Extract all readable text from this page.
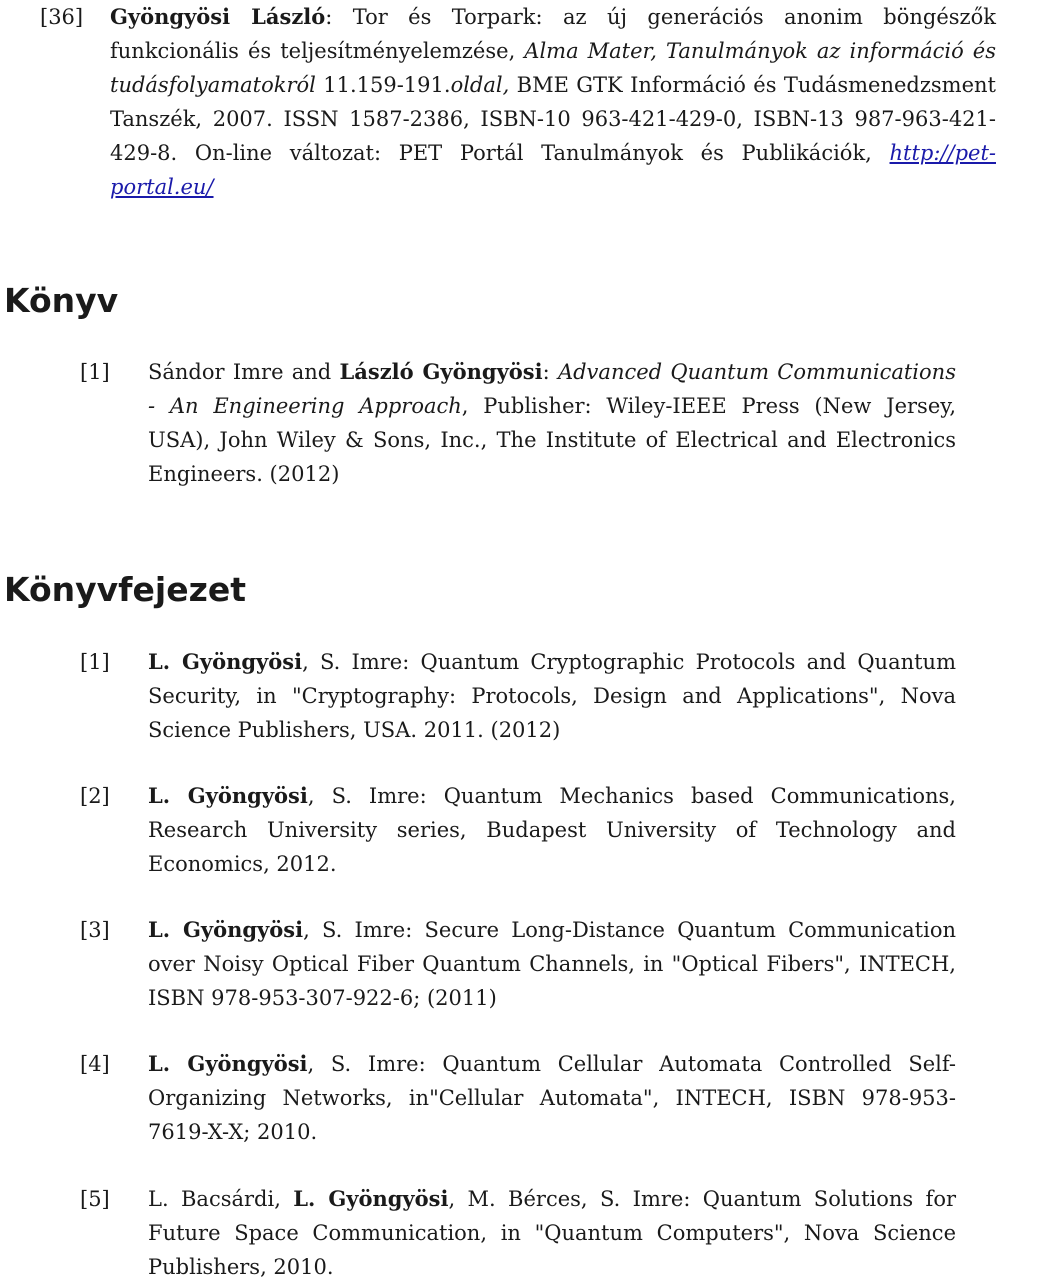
[36] Gyöngyösi László: Tor és Torpark: az új generációs anonim böngészők funkcionális és teljesítményelemzése, Alma Mater, Tanulmányok az információ és tudásfolyamatokról 11.159-191.oldal, BME GTK Információ és Tudásmenedzsment Tanszék, 2007. ISSN 1587-2386, ISBN-10 963-421-429-0, ISBN-13 987-963-421-429-8. On-line változat: PET Portál Tanulmányok és Publikációk, http://pet-portal.eu/
Könyv
[1] Sándor Imre and László Gyöngyösi: Advanced Quantum Communications - An Engineering Approach, Publisher: Wiley-IEEE Press (New Jersey, USA), John Wiley & Sons, Inc., The Institute of Electrical and Electronics Engineers. (2012)
Könyvfejezet
[1] L. Gyöngyösi, S. Imre: Quantum Cryptographic Protocols and Quantum Security, in "Cryptography: Protocols, Design and Applications", Nova Science Publishers, USA. 2011. (2012)
[2] L. Gyöngyösi, S. Imre: Quantum Mechanics based Communications, Research University series, Budapest University of Technology and Economics, 2012.
[3] L. Gyöngyösi, S. Imre: Secure Long-Distance Quantum Communication over Noisy Optical Fiber Quantum Channels, in "Optical Fibers", INTECH, ISBN 978-953-307-922-6; (2011)
[4] L. Gyöngyösi, S. Imre: Quantum Cellular Automata Controlled Self-Organizing Networks, in"Cellular Automata", INTECH, ISBN 978-953-7619-X-X; 2010.
[5] L. Bacsárdi, L. Gyöngyösi, M. Bérces, S. Imre: Quantum Solutions for Future Space Communication, in "Quantum Computers", Nova Science Publishers, 2010.
